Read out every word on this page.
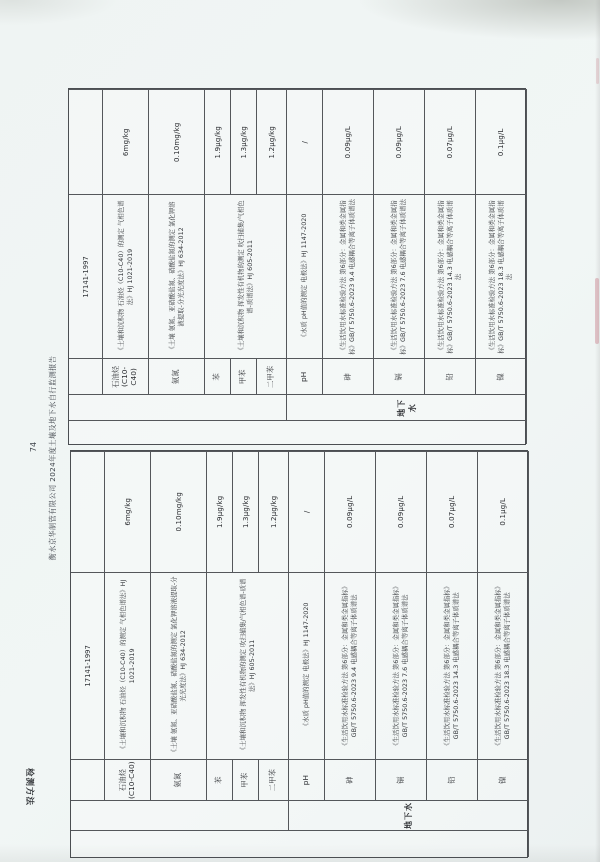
衡水京华制管有限公司 2024年度土壤及地下水自行监测报告
74
检测方法
地下水
17141-1997
石油烃(C10-C40)
《土壤和沉积物 石油烃（C10-C40）的测定 气相色谱法》HJ 1021-2019
6mg/kg
氨氮
《土壤 氨氮、亚硝酸盐氮、硝酸盐氮的测定 氯化钾溶液提取-分光光度法》HJ 634-2012
0.10mg/kg
苯
《土壤和沉积物 挥发性有机物的测定 吹扫捕集/气相色谱-质谱法》HJ 605-2011
1.9μg/kg
甲苯
1.3μg/kg
二甲苯
1.2μg/kg
pH
《水质 pH值的测定 电极法》HJ 1147-2020
/
砷
《生活饮用水标准检验方法 第6部分：金属和类金属指标》GB/T 5750.6-2023 9.4 电感耦合等离子体质谱法
0.09μg/L
镉
《生活饮用水标准检验方法 第6部分：金属和类金属指标》GB/T 5750.6-2023 7.6 电感耦合等离子体质谱法
0.09μg/L
铅
《生活饮用水标准检验方法 第6部分：金属和类金属指标》GB/T 5750.6-2023 14.3 电感耦合等离子体质谱法
0.07μg/L
镍
《生活饮用水标准检验方法 第6部分：金属和类金属指标》GB/T 5750.6-2023 18.3 电感耦合等离子体质谱法
0.1μg/L
地下水
17141-1997
石油烃(C10-C40)
《土壤和沉积物 石油烃（C10-C40）的测定 气相色谱法》HJ 1021-2019
6mg/kg
氨氮
《土壤 氨氮、亚硝酸盐氮、硝酸盐氮的测定 氯化钾溶液提取-分光光度法》HJ 634-2012
0.10mg/kg
苯
《土壤和沉积物 挥发性有机物的测定 吹扫捕集/气相色谱-质谱法》HJ 605-2011
1.9μg/kg
甲苯
1.3μg/kg
二甲苯
1.2μg/kg
pH
《水质 pH值的测定 电极法》HJ 1147-2020
/
砷
《生活饮用水标准检验方法 第6部分：金属和类金属指标》GB/T 5750.6-2023 9.4 电感耦合等离子体质谱法
0.09μg/L
镉
《生活饮用水标准检验方法 第6部分：金属和类金属指标》GB/T 5750.6-2023 7.6 电感耦合等离子体质谱法
0.09μg/L
铅
《生活饮用水标准检验方法 第6部分：金属和类金属指标》GB/T 5750.6-2023 14.3 电感耦合等离子体质谱法
0.07μg/L
镍
《生活饮用水标准检验方法 第6部分：金属和类金属指标》GB/T 5750.6-2023 18.3 电感耦合等离子体质谱法
0.1μg/L
